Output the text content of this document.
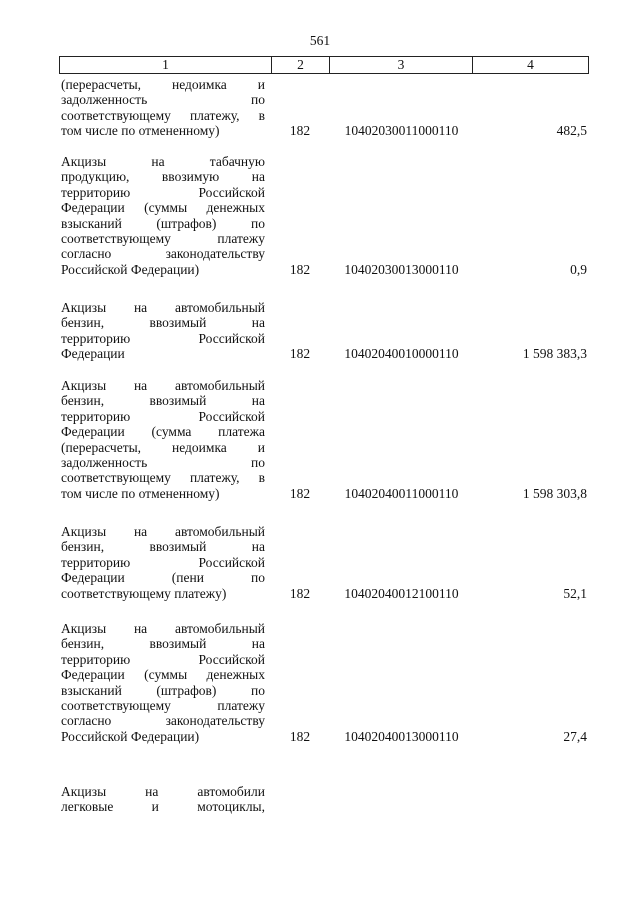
561
1	2	3	4
(перерасчеты, недоимка и
задолженность по
соответствующему платежу, в
том числе по отмененному)	182	10402030011000110	482,5
Акцизы на табачную
продукцию, ввозимую на
территорию Российской
Федерации (суммы денежных
взысканий (штрафов) по
соответствующему платежу
согласно законодательству
Российской Федерации)	182	10402030013000110	0,9
Акцизы на автомобильный
бензин, ввозимый на
территорию Российской
Федерации	182	10402040010000110	1 598 383,3
Акцизы на автомобильный
бензин, ввозимый на
территорию Российской
Федерации (сумма платежа
(перерасчеты, недоимка и
задолженность по
соответствующему платежу, в
том числе по отмененному)	182	10402040011000110	1 598 303,8
Акцизы на автомобильный
бензин, ввозимый на
территорию Российской
Федерации (пени по
соответствующему платежу)	182	10402040012100110	52,1
Акцизы на автомобильный
бензин, ввозимый на
территорию Российской
Федерации (суммы денежных
взысканий (штрафов) по
соответствующему платежу
согласно законодательству
Российской Федерации)	182	10402040013000110	27,4
Акцизы на автомобили
легковые и мотоциклы,
